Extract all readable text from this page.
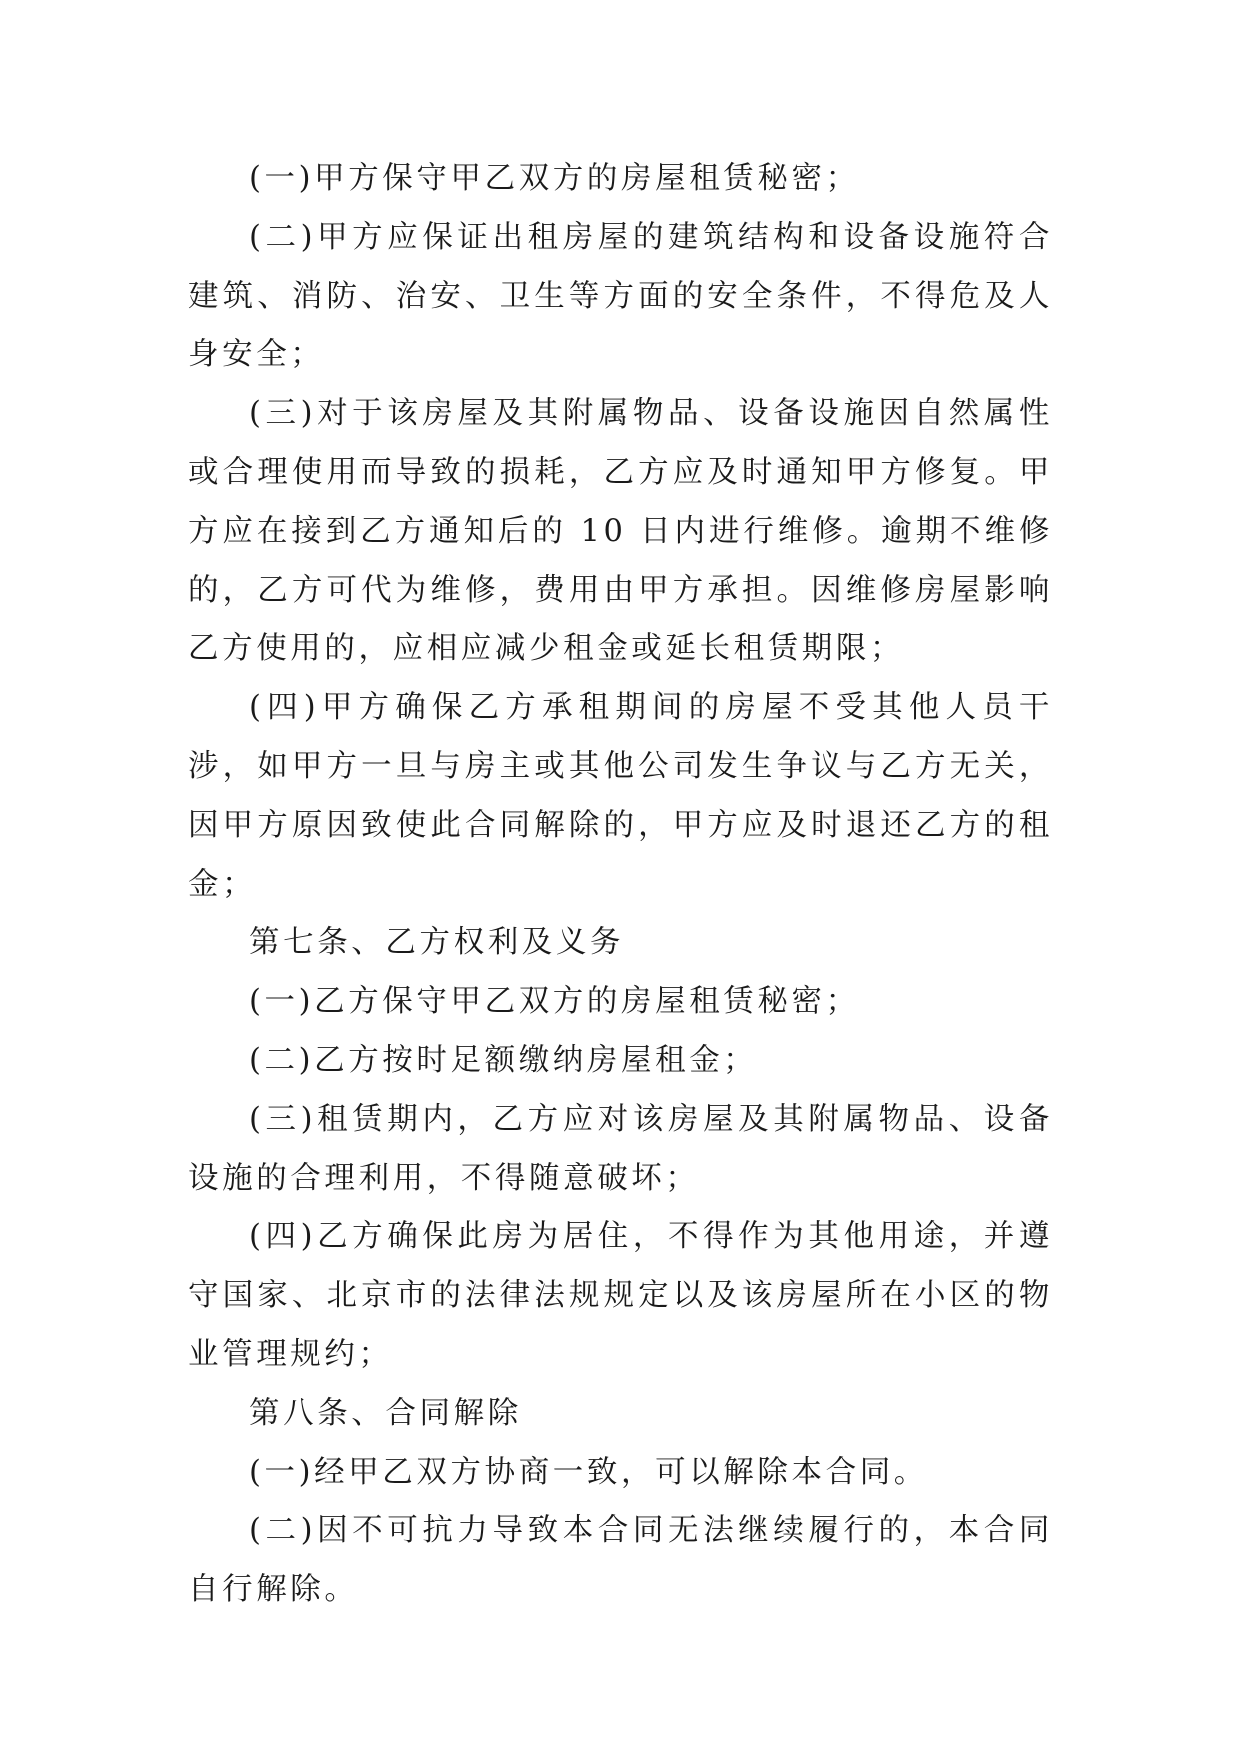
(一)甲方保守甲乙双方的房屋租赁秘密；

(二)甲方应保证出租房屋的建筑结构和设备设施符合建筑、消防、治安、卫生等方面的安全条件，不得危及人身安全；

(三)对于该房屋及其附属物品、设备设施因自然属性或合理使用而导致的损耗，乙方应及时通知甲方修复。甲方应在接到乙方通知后的 10 日内进行维修。逾期不维修的，乙方可代为维修，费用由甲方承担。因维修房屋影响乙方使用的，应相应减少租金或延长租赁期限；

(四)甲方确保乙方承租期间的房屋不受其他人员干涉，如甲方一旦与房主或其他公司发生争议与乙方无关，因甲方原因致使此合同解除的，甲方应及时退还乙方的租金；

第七条、乙方权利及义务

(一)乙方保守甲乙双方的房屋租赁秘密；

(二)乙方按时足额缴纳房屋租金；

(三)租赁期内，乙方应对该房屋及其附属物品、设备设施的合理利用，不得随意破坏；

(四)乙方确保此房为居住，不得作为其他用途，并遵守国家、北京市的法律法规规定以及该房屋所在小区的物业管理规约；

第八条、合同解除

(一)经甲乙双方协商一致，可以解除本合同。

(二)因不可抗力导致本合同无法继续履行的，本合同自行解除。
